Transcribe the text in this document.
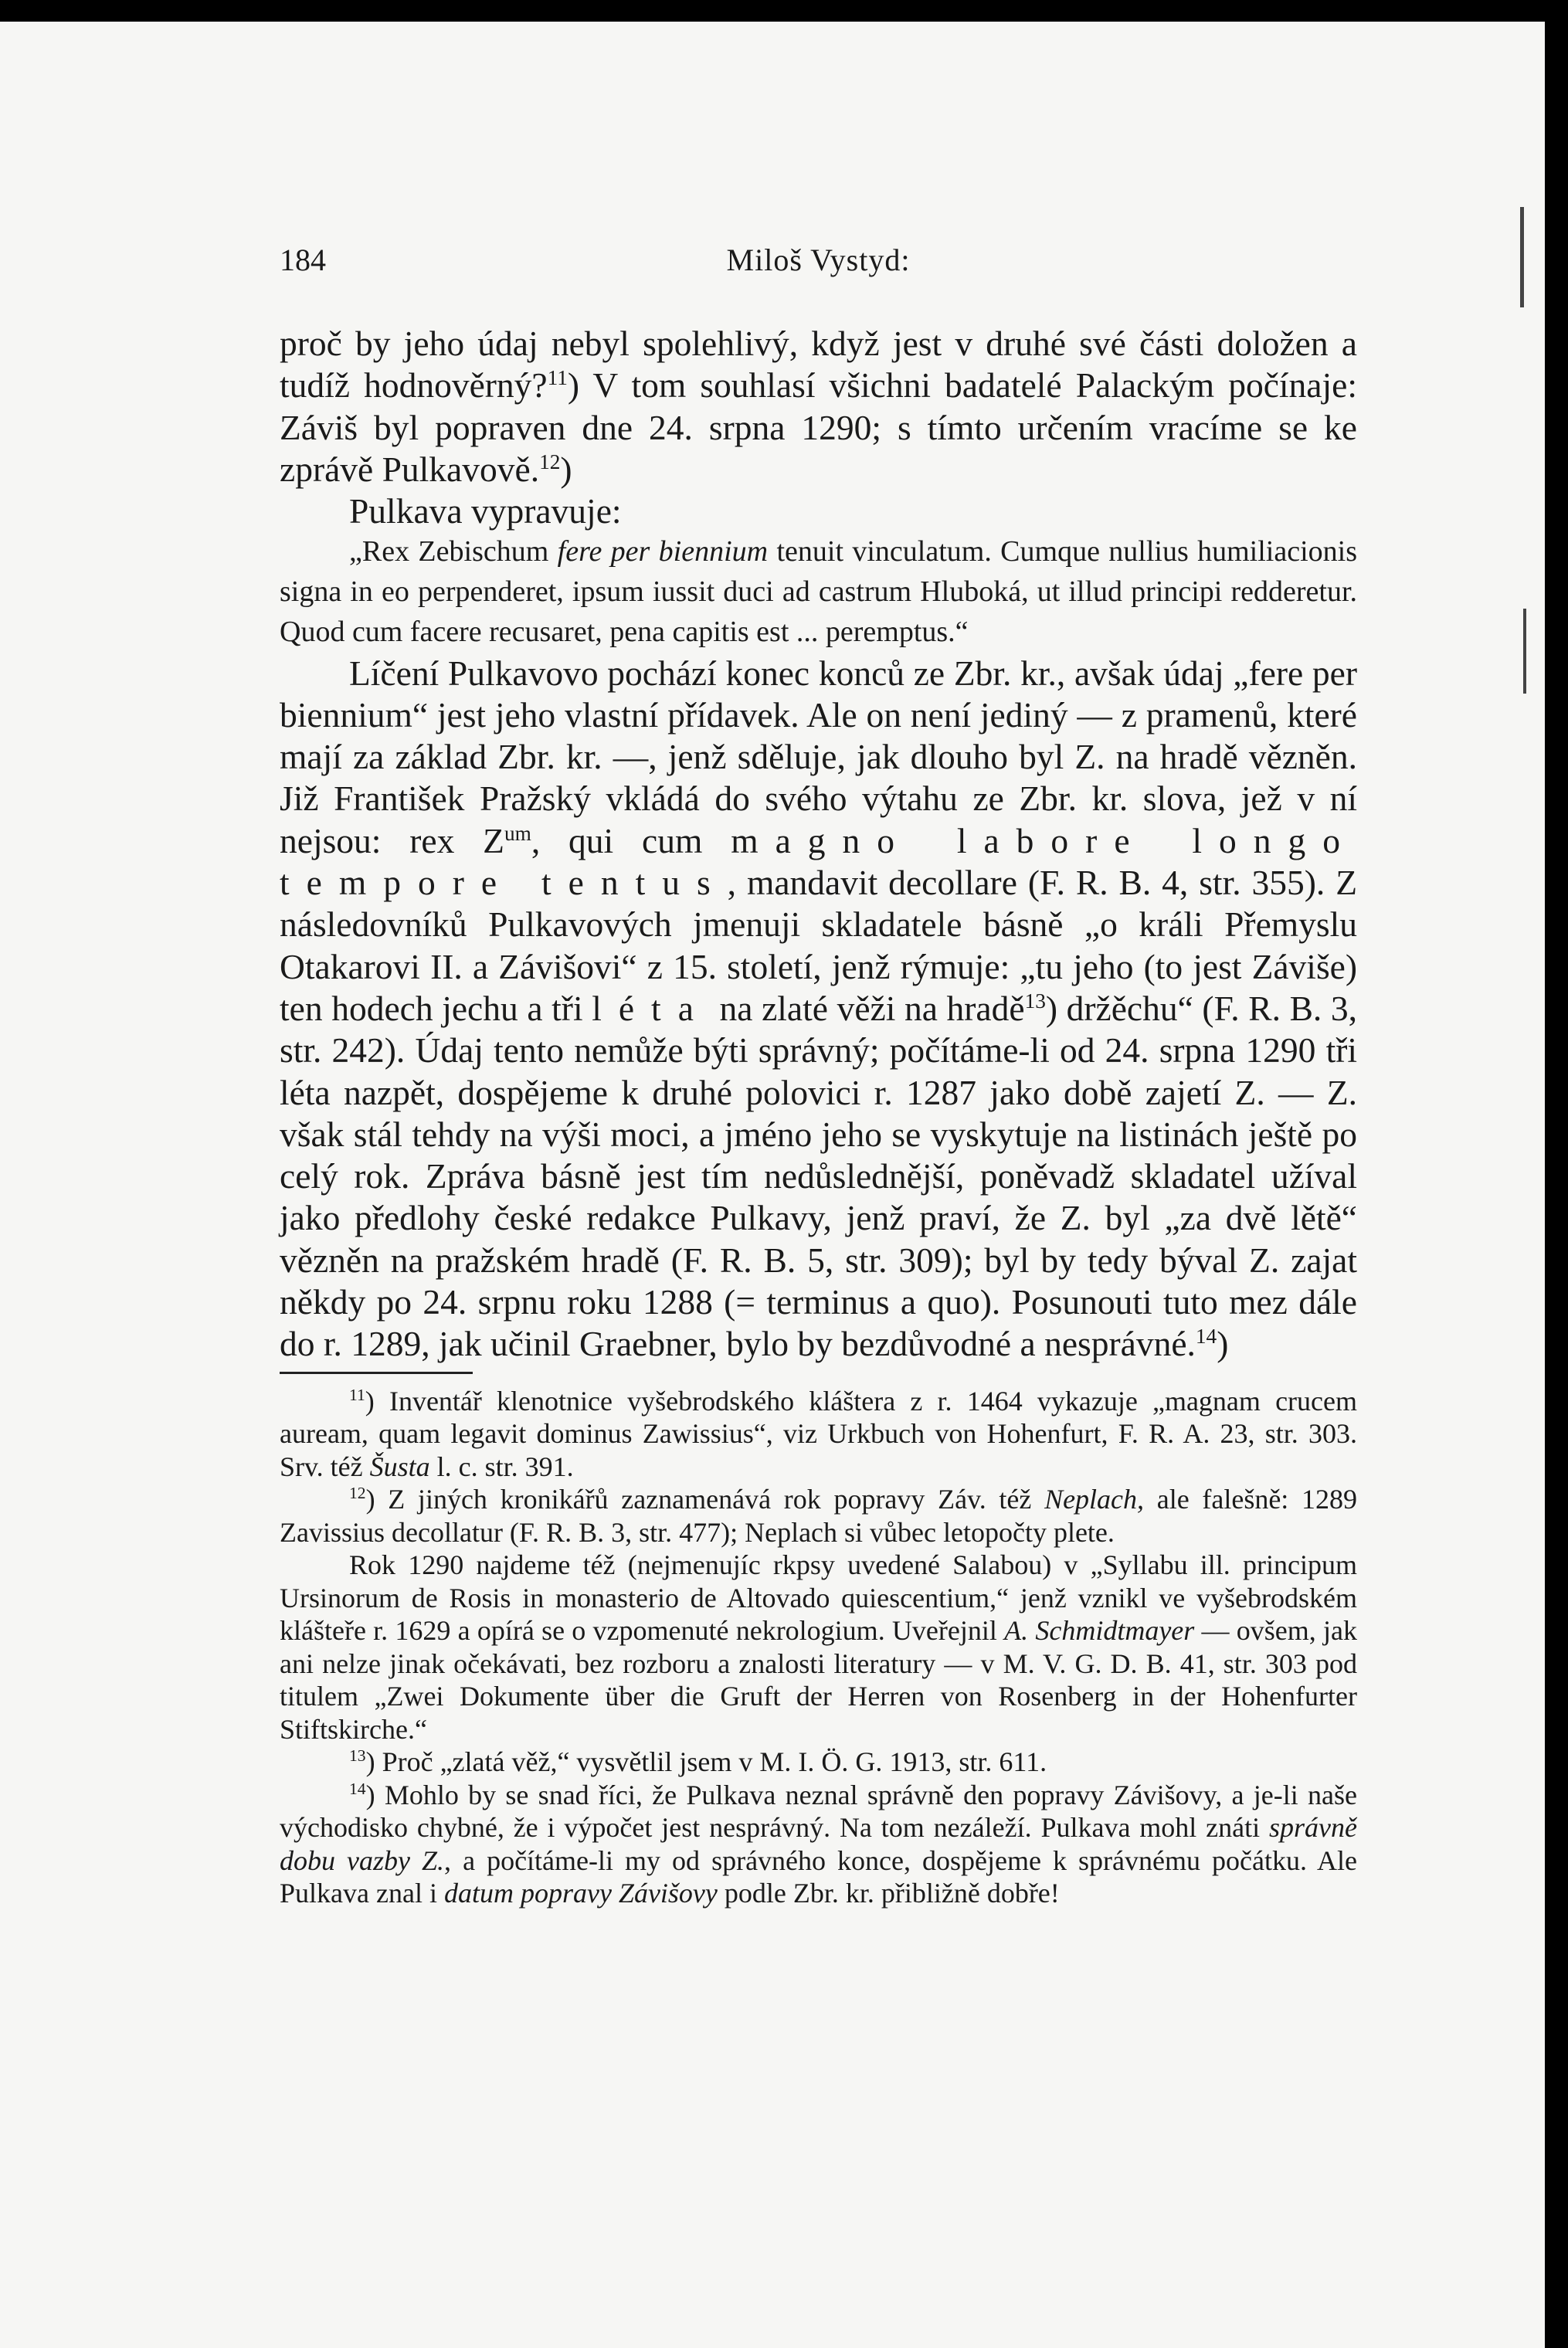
184	Miloš Vystyd:

proč by jeho údaj nebyl spolehlivý, když jest v druhé své části doložen a tudíž hodnověrný?$^{11}$) V tom souhlasí všichni badatelé Palackým počínaje: Záviš byl popraven dne 24. srpna 1290; s tímto určením vracíme se ke zprávě Pulkavově.$^{12}$)

Pulkava vypravuje:

„Rex Zebischum fere per biennium tenuit vinculatum. Cumque nullius humiliacionis signa in eo perpenderet, ipsum iussit duci ad castrum Hluboká, ut illud principi redderetur. Quod cum facere recusaret, pena capitis est ... peremptus.“

Líčení Pulkavovo pochází konec konců ze Zbr. kr., avšak údaj „fere per biennium“ jest jeho vlastní přídavek. Ale on není jediný — z pramenů, které mají za základ Zbr. kr. —, jenž sděluje, jak dlouho byl Z. na hradě vězněn. Již František Pražský vkládá do svého výtahu ze Zbr. kr. slova, jež v ní nejsou: rex $Z^{um}$, qui cum magno labore longo tempore tentus, mandavit decollare (F. R. B. 4, str. 355). Z následovníků Pulkavových jmenuji skladatele básně „o králi Přemyslu Otakarovi II. a Závišovi“ z 15. století, jenž rýmuje: „tu jeho (to jest Záviše) ten hodech jechu a tři léta na zlaté věži na hradě$^{13}$) držěchu“ (F. R. B. 3, str. 242). Údaj tento nemůže býti správný; počítáme-li od 24. srpna 1290 tři léta nazpět, dospějeme k druhé polovici r. 1287 jako době zajetí Z. — Z. však stál tehdy na výši moci, a jméno jeho se vyskytuje na listinách ještě po celý rok. Zpráva básně jest tím nedůslednější, poněvadž skladatel užíval jako předlohy české redakce Pulkavy, jenž praví, že Z. byl „za dvě lětě“ vězněn na pražském hradě (F. R. B. 5, str. 309); byl by tedy býval Z. zajat někdy po 24. srpnu roku 1288 (= terminus a quo). Posunouti tuto mez dále do r. 1289, jak učinil Graebner, bylo by bezdůvodné a nesprávné.$^{14}$)

$^{11}$) Inventář klenotnice vyšebrodského kláštera z r. 1464 vykazuje „magnam crucem auream, quam legavit dominus Zawissius“, viz Urkbuch von Hohenfurt, F. R. A. 23, str. 303. Srv. též Šusta l. c. str. 391.

$^{12}$) Z jiných kronikářů zaznamenává rok popravy Záv. též Neplach, ale falešně: 1289 Zavissius decollatur (F. R. B. 3, str. 477); Neplach si vůbec letopočty plete.

Rok 1290 najdeme též (nejmenujíc rkpsy uvedené Salabou) v „Syllabu ill. principum Ursinorum de Rosis in monasterio de Altovado quiescentium,“ jenž vznikl ve vyšebrodském klášteře r. 1629 a opírá se o vzpomenuté nekrologium. Uveřejnil A. Schmidtmayer — ovšem, jak ani nelze jinak očekávati, bez rozboru a znalosti literatury — v M. V. G. D. B. 41, str. 303 pod titulem „Zwei Dokumente über die Gruft der Herren von Rosenberg in der Hohenfurter Stiftskirche.“

$^{13}$) Proč „zlatá věž,“ vysvětlil jsem v M. I. Ö. G. 1913, str. 611.

$^{14}$) Mohlo by se snad říci, že Pulkava neznal správně den popravy Závišovy, a je-li naše východisko chybné, že i výpočet jest nesprávný. Na tom nezáleží. Pulkava mohl znáti správně dobu vazby Z., a počítáme-li my od správného konce, dospějeme k správnému počátku. Ale Pulkava znal i datum popravy Závišovy podle Zbr. kr. přibližně dobře!
